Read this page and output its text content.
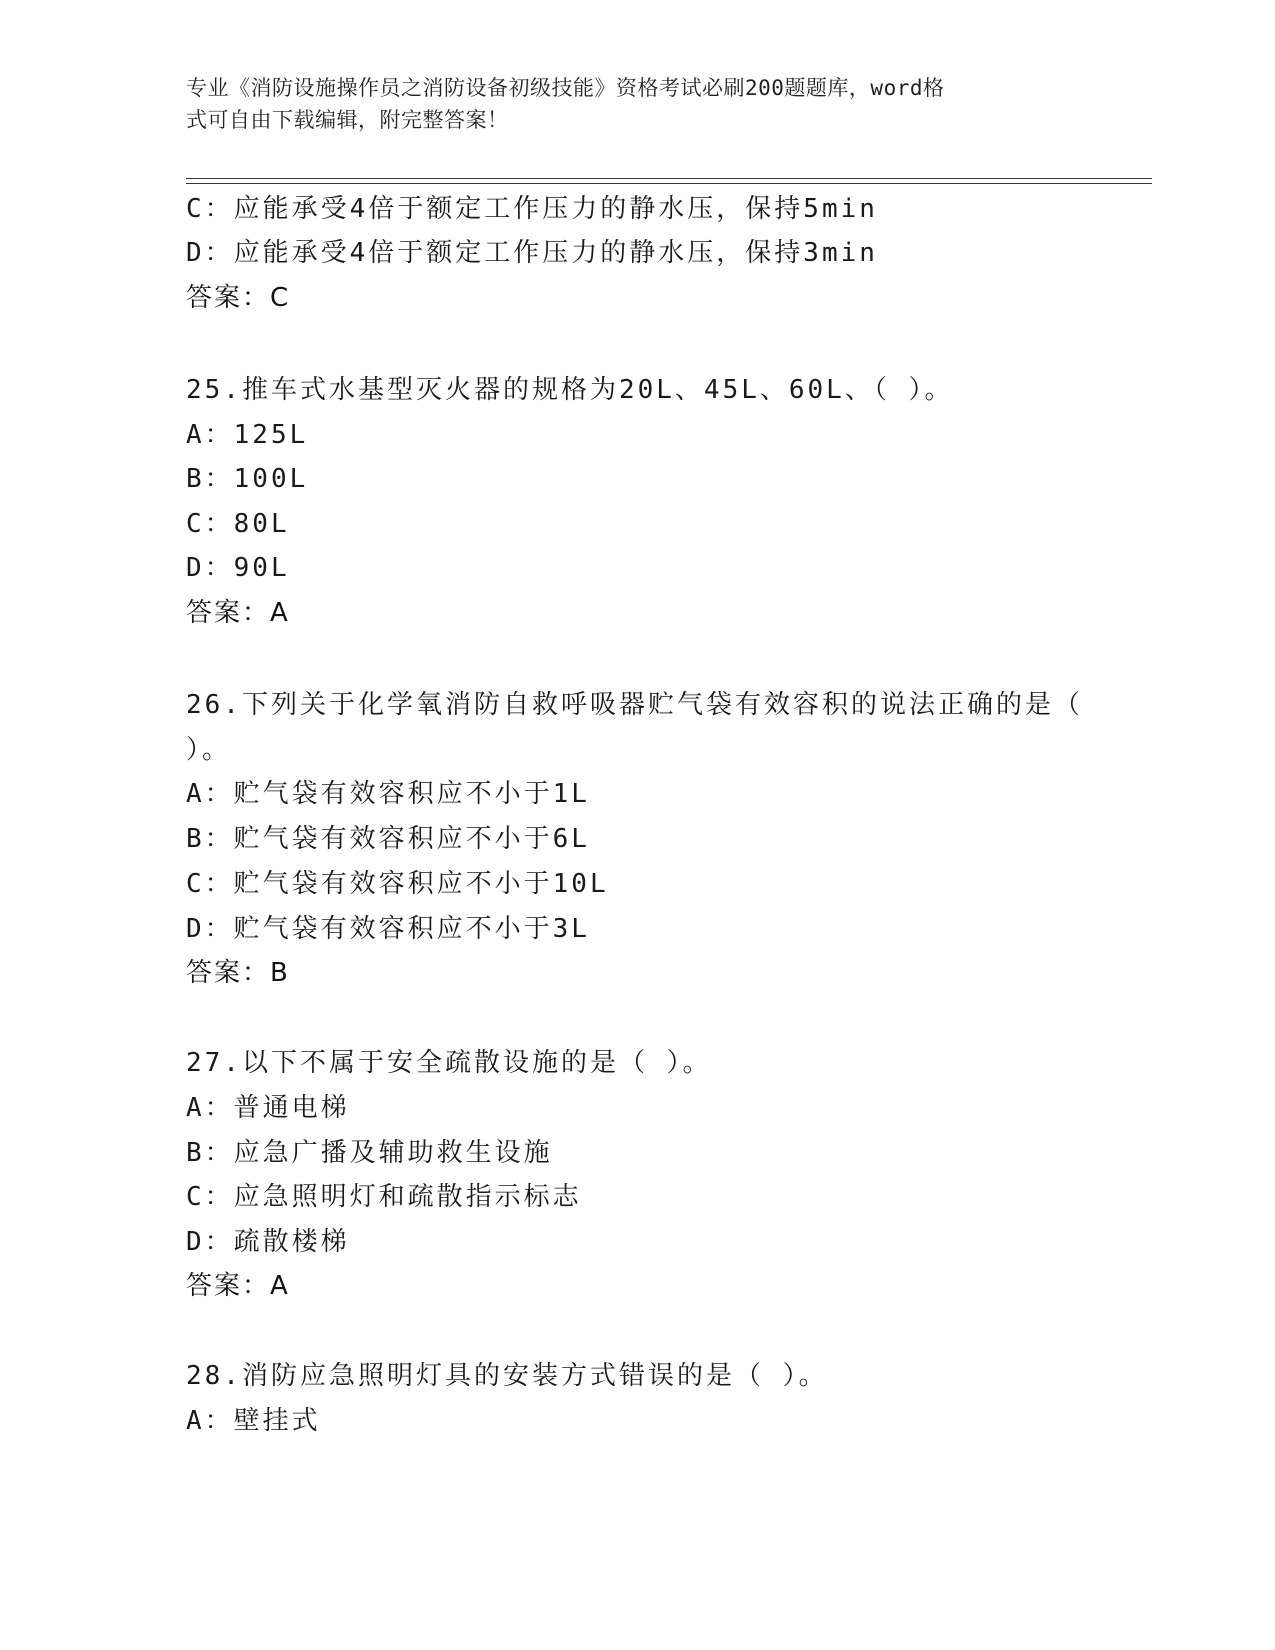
专业《消防设施操作员之消防设备初级技能》资格考试必刷200题题库，word格
式可自由下载编辑，附完整答案！
C：应能承受4倍于额定工作压力的静水压，保持5min
D：应能承受4倍于额定工作压力的静水压，保持3min
答案：C
25.推车式水基型灭火器的规格为20L、45L、60L、（ ）。
A：125L
B：100L
C：80L
D：90L
答案：A
26.下列关于化学氧消防自救呼吸器贮气袋有效容积的说法正确的是（
）。
A：贮气袋有效容积应不小于1L
B：贮气袋有效容积应不小于6L
C：贮气袋有效容积应不小于10L
D：贮气袋有效容积应不小于3L
答案：B
27.以下不属于安全疏散设施的是（ ）。
A：普通电梯
B：应急广播及辅助救生设施
C：应急照明灯和疏散指示标志
D：疏散楼梯
答案：A
28.消防应急照明灯具的安装方式错误的是（ ）。
A：壁挂式
